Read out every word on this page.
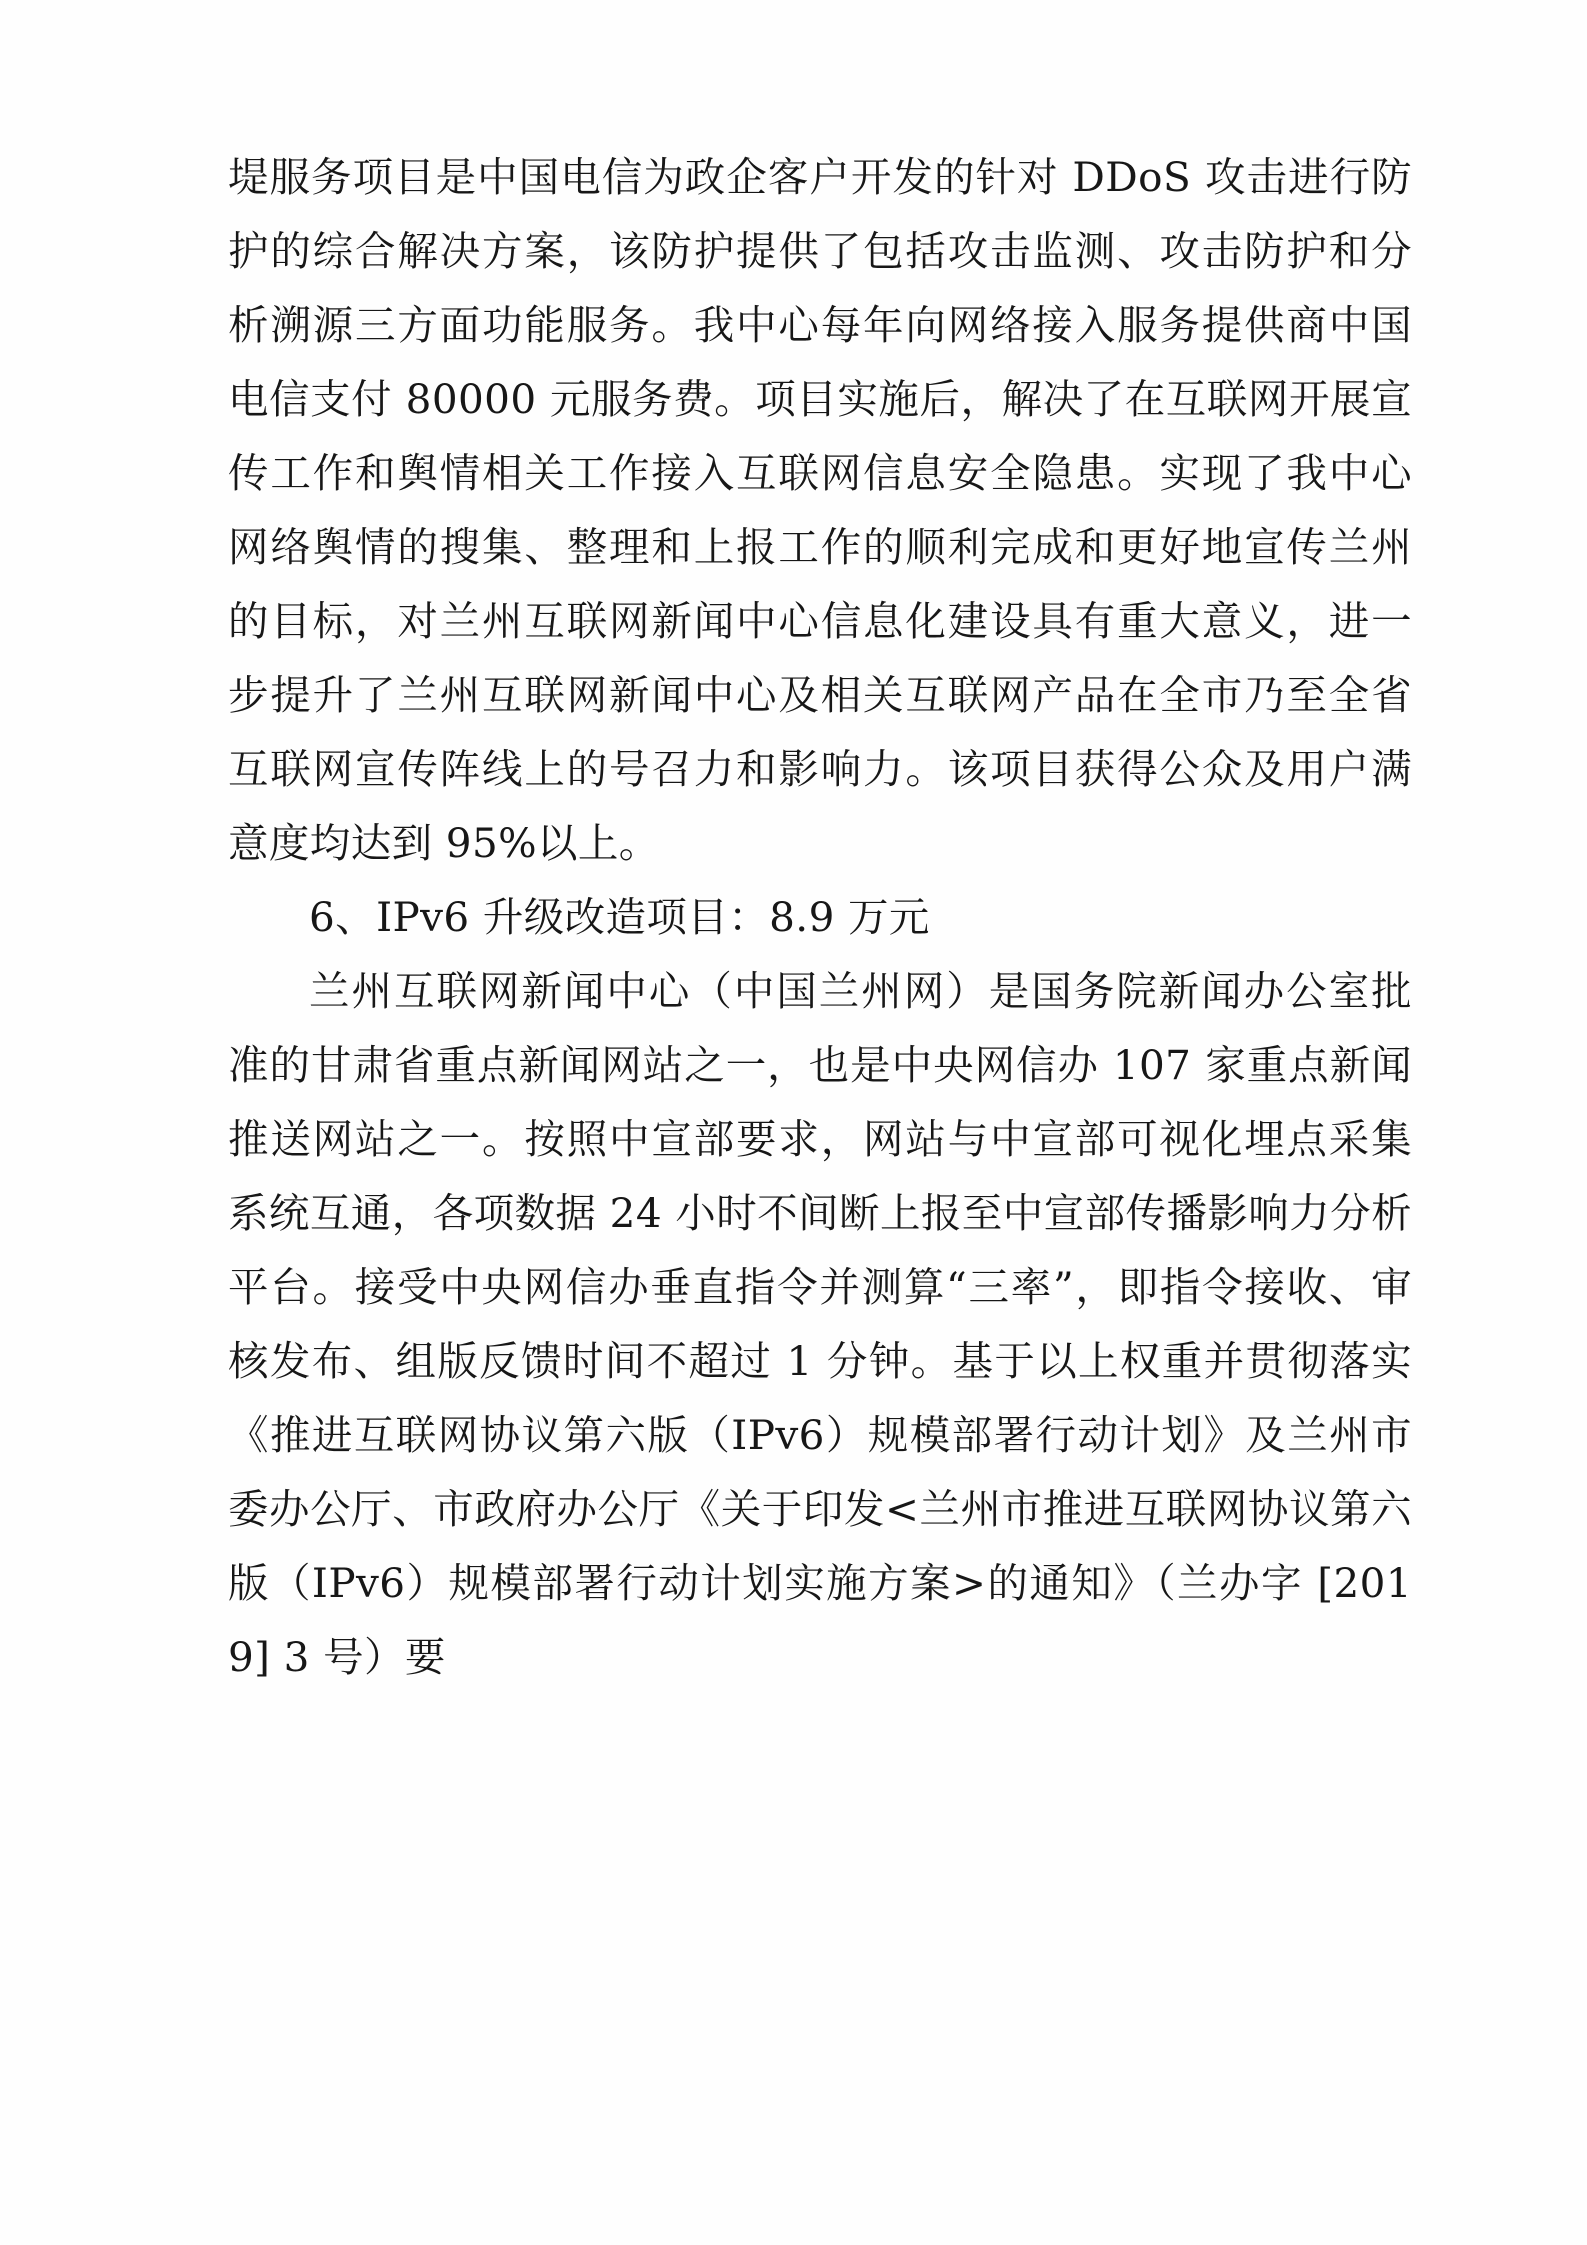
堤服务项目是中国电信为政企客户开发的针对 DDoS 攻击进行防护的综合解决方案，该防护提供了包括攻击监测、攻击防护和分析溯源三方面功能服务。我中心每年向网络接入服务提供商中国电信支付 80000 元服务费。项目实施后，解决了在互联网开展宣传工作和舆情相关工作接入互联网信息安全隐患。实现了我中心网络舆情的搜集、整理和上报工作的顺利完成和更好地宣传兰州的目标，对兰州互联网新闻中心信息化建设具有重大意义，进一步提升了兰州互联网新闻中心及相关互联网产品在全市乃至全省互联网宣传阵线上的号召力和影响力。该项目获得公众及用户满意度均达到 95%以上。

6、IPv6 升级改造项目：8.9 万元

兰州互联网新闻中心（中国兰州网）是国务院新闻办公室批准的甘肃省重点新闻网站之一，也是中央网信办 107 家重点新闻推送网站之一。按照中宣部要求，网站与中宣部可视化埋点采集系统互通，各项数据 24 小时不间断上报至中宣部传播影响力分析平台。接受中央网信办垂直指令并测算“三率”，即指令接收、审核发布、组版反馈时间不超过 1 分钟。基于以上权重并贯彻落实《推进互联网协议第六版（IPv6）规模部署行动计划》及兰州市委办公厅、市政府办公厅《关于印发<兰州市推进互联网协议第六版（IPv6）规模部署行动计划实施方案>的通知》（兰办字 [2019] 3 号）要
